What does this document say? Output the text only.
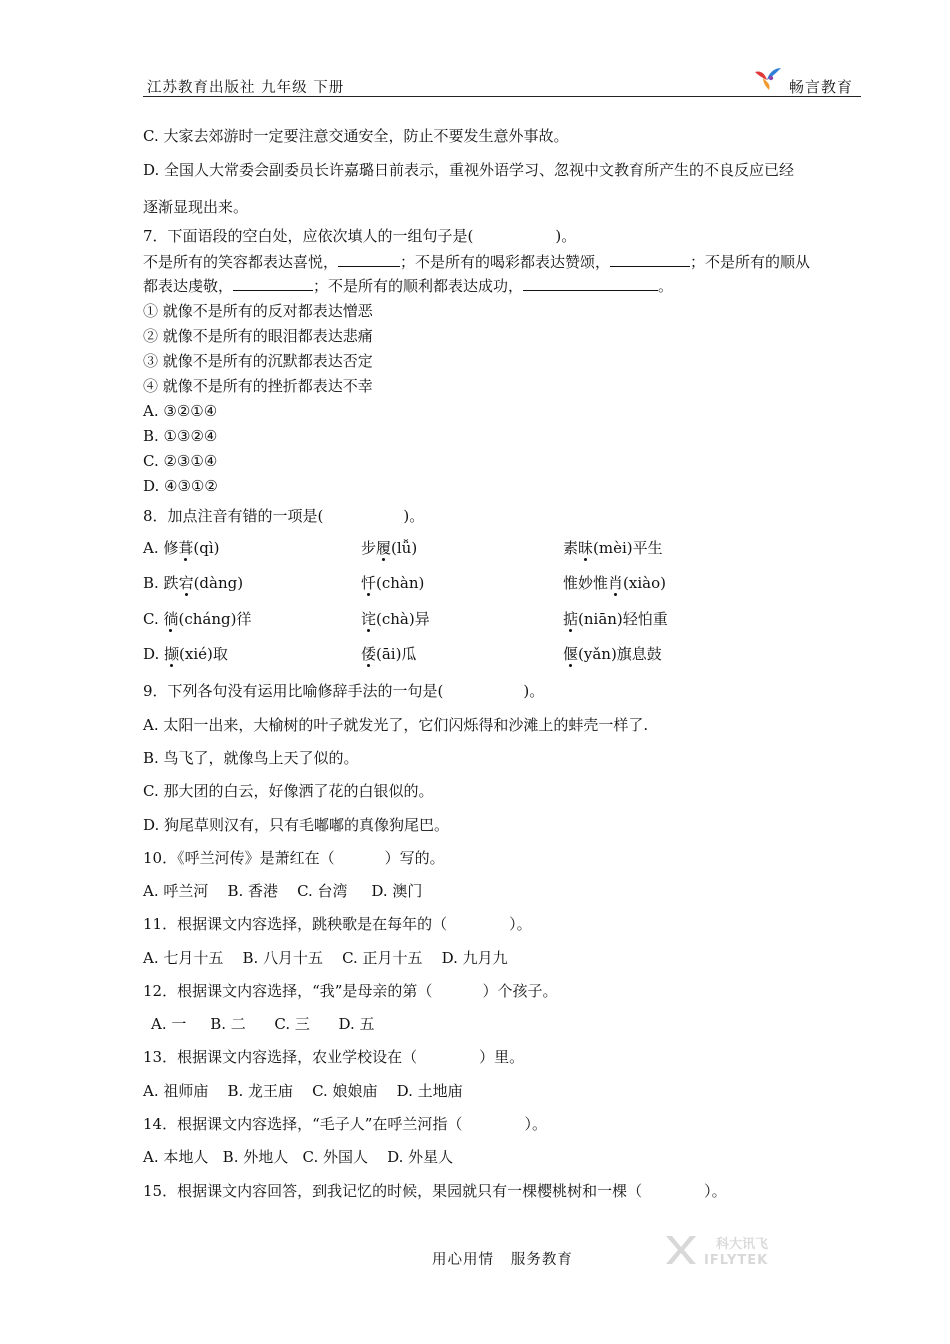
江苏教育出版社 九年级 下册	畅言教育
C. 大家去郊游时一定要注意交通安全，防止不要发生意外事故。
D. 全国人大常委会副委员长许嘉璐日前表示，重视外语学习、忽视中文教育所产生的不良反应已经
逐渐显现出来。
7．下面语段的空白处，应依次填人的一组句子是(	)。
不是所有的笑容都表达喜悦，	；不是所有的喝彩都表达赞颂，	；不是所有的顺从
都表达虔敬，	；不是所有的顺利都表达成功，	。
① 就像不是所有的反对都表达憎恶
② 就像不是所有的眼泪都表达悲痛
③ 就像不是所有的沉默都表达否定
④ 就像不是所有的挫折都表达不幸
A. ③②①④
B. ①③②④
C. ②③①④
D. ④③①②
8．加点注音有错的一项是(	)。
A. 修葺(qì)	步履(lǚ)	素昧(mèi)平生
B. 跌宕(dàng)	忏(chàn)	惟妙惟肖(xiào)
C. 徜(cháng)徉	诧(chà)异	掂(niān)轻怕重
D. 撷(xié)取	倭(āi)瓜	偃(yǎn)旗息鼓
9．下列各句没有运用比喻修辞手法的一句是(	)。
A. 太阳一出来，大榆树的叶子就发光了，它们闪烁得和沙滩上的蚌壳一样了.
B. 鸟飞了，就像鸟上天了似的。
C. 那大团的白云，好像洒了花的白银似的。
D. 狗尾草则汉有，只有毛嘟嘟的真像狗尾巴。
10．《呼兰河传》是萧红在（	）写的。
A. 呼兰河    B. 香港    C. 台湾     D. 澳门
11．根据课文内容选择，跳秧歌是在每年的（	）。
A. 七月十五    B. 八月十五    C. 正月十五    D. 九月九
12．根据课文内容选择，“我”是母亲的第（	）个孩子。
A. 一     B. 二      C. 三      D. 五
13．根据课文内容选择，农业学校设在（	）里。
A. 祖师庙    B. 龙王庙    C. 娘娘庙    D. 土地庙
14．根据课文内容选择，“毛子人”在呼兰河指（	）。
A. 本地人   B. 外地人   C. 外国人    D. 外星人
15．根据课文内容回答，到我记忆的时候，果园就只有一棵樱桃树和一棵（	）。
用心用情   服务教育
科大讯飞
IFLYTEK
